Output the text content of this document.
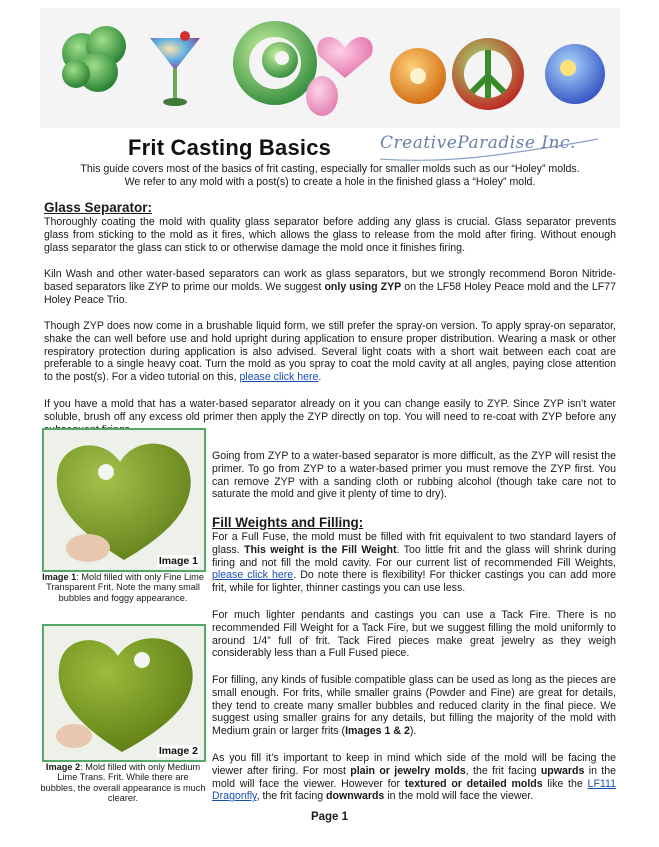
Frit Casting Basics	CreativeParadise Inc.

This guide covers most of the basics of frit casting, especially for smaller molds such as our “Holey” molds.

We refer to any mold with a post(s) to create a hole in the finished glass a “Holey” mold.

Glass Separator:

Thoroughly coating the mold with quality glass separator before adding any glass is crucial. Glass separator prevents glass from sticking to the mold as it fires, which allows the glass to release from the mold after firing. Without enough glass separator the glass can stick to or otherwise damage the mold once it finishes firing.

Kiln Wash and other water-based separators can work as glass separators, but we strongly recommend Boron Nitride-based separators like ZYP to prime our molds. We suggest only using ZYP on the LF58 Holey Peace mold and the LF77 Holey Peace Trio.

Though ZYP does now come in a brushable liquid form, we still prefer the spray-on version. To apply spray-on separator, shake the can well before use and hold upright during application to ensure proper distribution. Wearing a mask or other respiratory protection during application is also advised. Several light coats with a short wait between each coat are preferable to a single heavy coat. Turn the mold as you spray to coat the mold cavity at all angles, paying close attention to the post(s). For a video tutorial on this, please click here.

If you have a mold that has a water-based separator already on it you can change easily to ZYP. Since ZYP isn’t water soluble, brush off any excess old primer then apply the ZYP directly on top. You will need to re-coat with ZYP before any

Going from ZYP to a water-based separator is more difficult, as the ZYP will resist the primer. To go from ZYP to a water-based primer you must remove the ZYP first. You can remove ZYP with a sanding cloth or rubbing alcohol (though take care not to saturate the mold and give it plenty of time to dry).

Fill Weights and Filling:

For a Full Fuse, the mold must be filled with frit equivalent to two standard layers of glass. This weight is the Fill Weight. Too little frit and the glass will shrink during firing and not fill the mold cavity. For our current list of recommended Fill Weights, please click here. Do note there is flexibility! For thicker castings you can add more frit, while for lighter, thinner castings you can use less.

For much lighter pendants and castings you can use a Tack Fire. There is no recommended Fill Weight for a Tack Fire, but we suggest filling the mold uniformly to around 1/4” full of frit. Tack Fired pieces make great jewelry as they weigh considerably less than a Full Fused piece.

For filling, any kinds of fusible compatible glass can be used as long as the pieces are small enough. For frits, while smaller grains (Powder and Fine) are great for details, they tend to create many smaller bubbles and reduced clarity in the final piece. We suggest using smaller grains for any details, but filling the majority of the mold with Medium grain or larger frits (Images 1 & 2).

As you fill it’s important to keep in mind which side of the mold will be facing the viewer after firing. For most plain or jewelry molds, the frit facing upwards in the mold will face the viewer. However for textured or detailed molds like the LF111 Dragonfly, the frit facing downwards in the mold will face the viewer.

Image 1
Image 1: Mold filled with only Fine Lime Transparent Frit. Note the many small bubbles and foggy appearance.
Image 2
Image 2: Mold filled with only Medium Lime Trans. Frit. While there are bubbles, the overall appearance is much clearer.
Page 1
